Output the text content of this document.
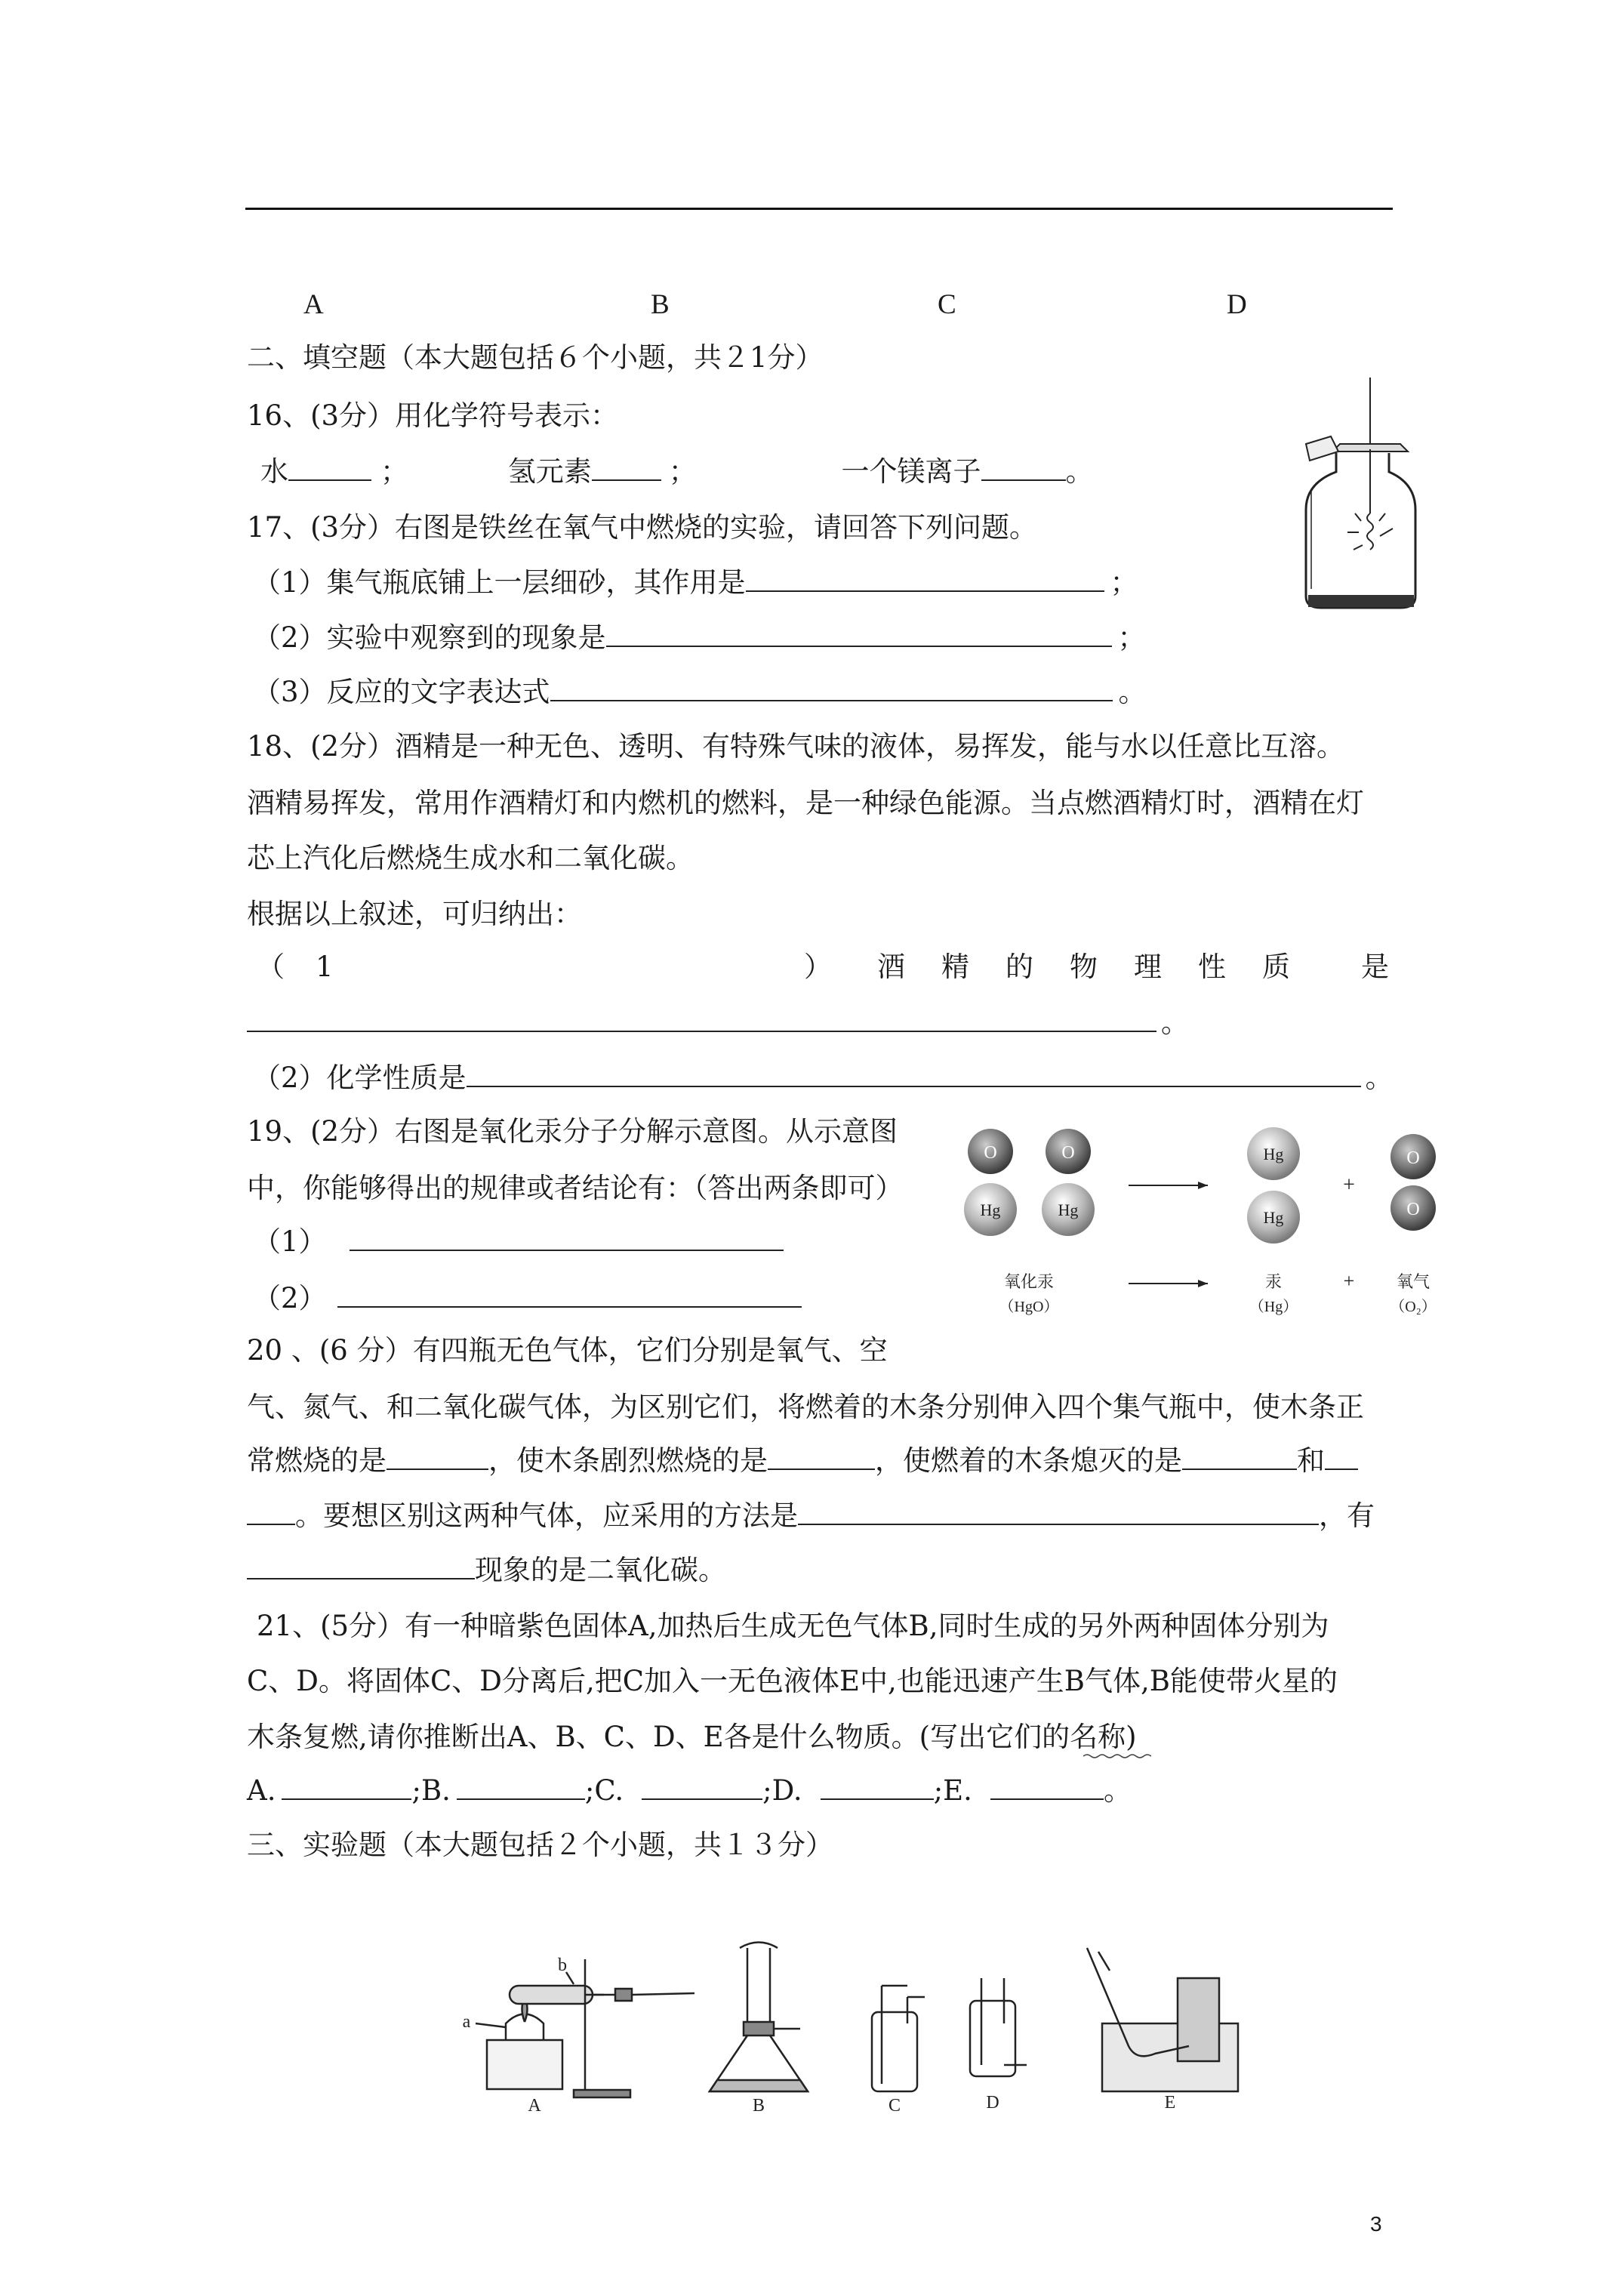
A	B	C	D
二、填空题（本大题包括６个小题，共２1分）
16、(3分）用化学符号表示：
水	；	氢元素	；	一个镁离子	。
17、(3分）右图是铁丝在氧气中燃烧的实验，请回答下列问题。
（1）集气瓶底铺上一层细砂，其作用是	；
（2）实验中观察到的现象是	；
（3）反应的文字表达式	。
18、(2分）酒精是一种无色、透明、有特殊气味的液体，易挥发，能与水以任意比互溶。
酒精易挥发，常用作酒精灯和内燃机的燃料，是一种绿色能源。当点燃酒精灯时，酒精在灯
芯上汽化后燃烧生成水和二氧化碳。
根据以上叙述，可归纳出：
（ 1	） 酒 精 的 物 理 性 质	是
。
（2）化学性质是	。
19、(2分）右图是氧化汞分子分解示意图。从示意图
中，你能够得出的规律或者结论有：（答出两条即可）
（1）
（2）
O
Hg
O
Hg
Hg
Hg
+
O
O
氧化汞
（HgO）
汞
（Hg）
+	氧气
（O₂）
20 、(6 分）有四瓶无色气体，它们分别是氧气、空
气、氮气、和二氧化碳气体，为区别它们，将燃着的木条分别伸入四个集气瓶中，使木条正
常燃烧的是	，使木条剧烈燃烧的是	，使燃着的木条熄灭的是	和
。要想区别这两种气体，应采用的方法是	，有
现象的是二氧化碳。
21、(5分）有一种暗紫色固体A,加热后生成无色气体B,同时生成的另外两种固体分别为
C、D。将固体C、D分离后,把C加入一无色液体E中,也能迅速产生B气体,B能使带火星的
木条复燃,请你推断出A、B、C、D、E各是什么物质。(写出它们的名称)
A.	;B.	;C.	;D.	;E.	。
三、实验题（本大题包括２个小题，共１３分）
A	B	C	D	E
a
b
3
